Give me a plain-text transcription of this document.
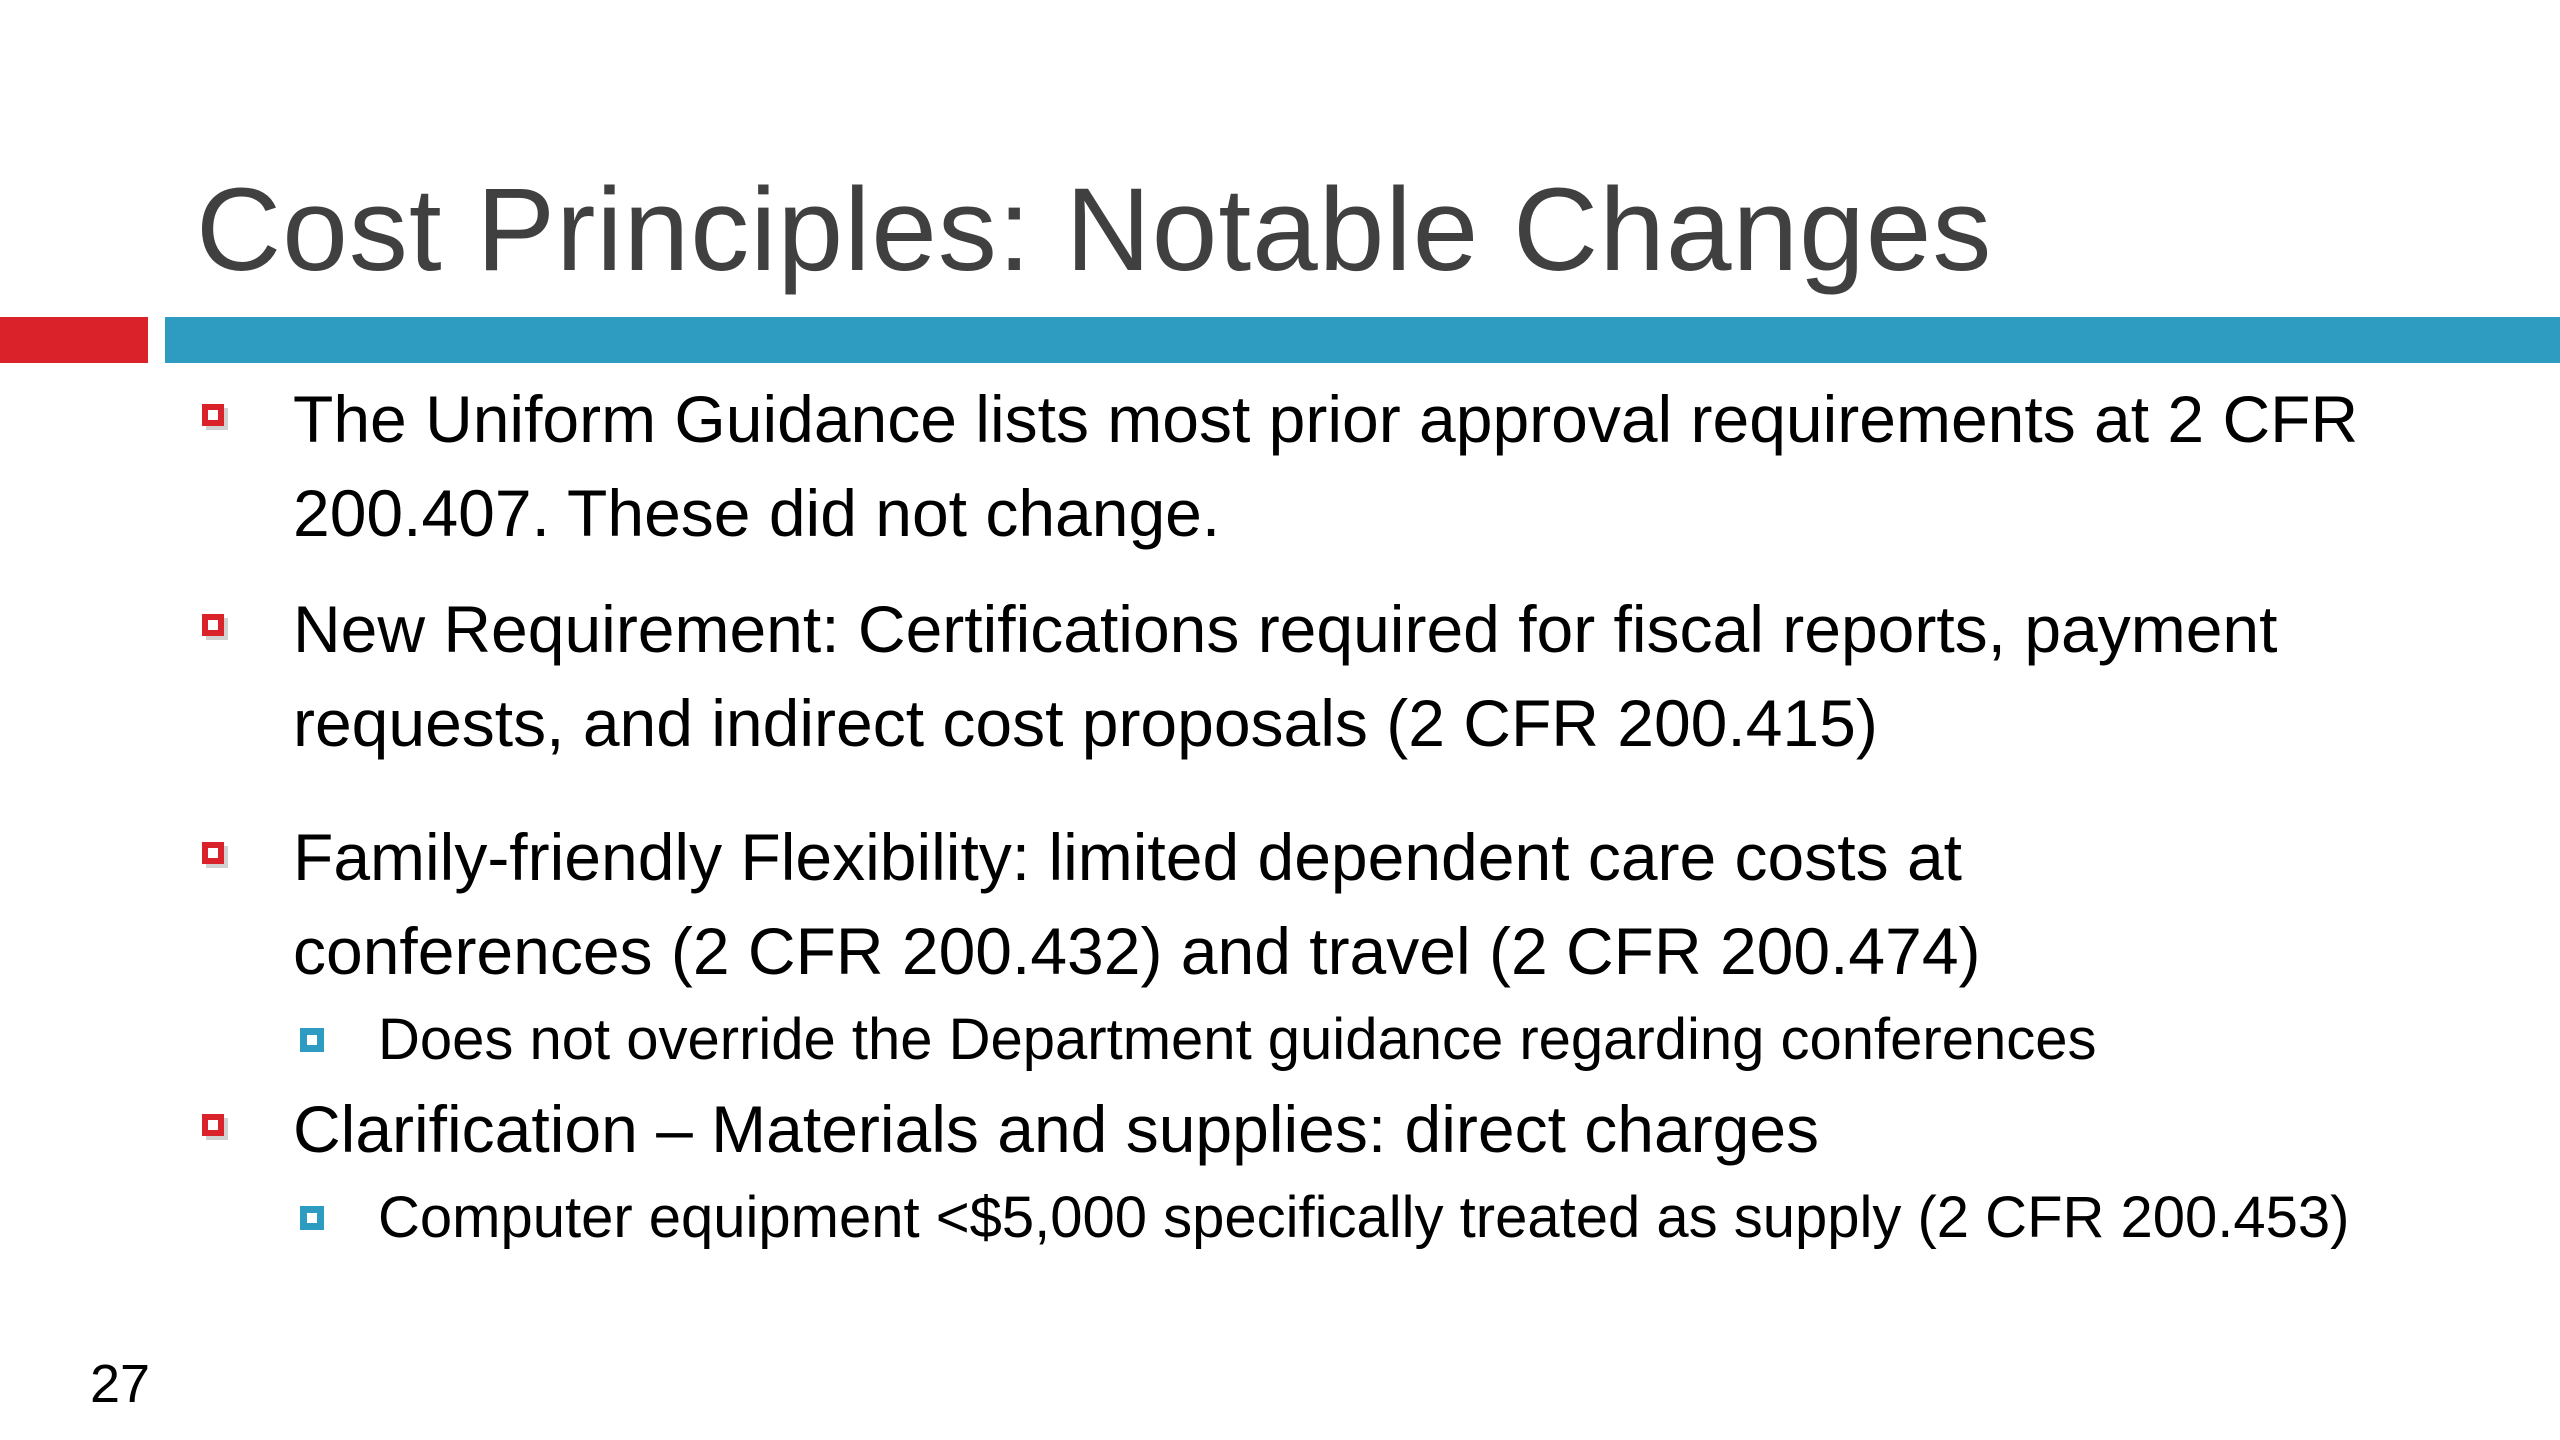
Cost Principles: Notable Changes
The Uniform Guidance lists most prior approval requirements at 2 CFR 200.407. These did not change.
New Requirement: Certifications required for fiscal reports, payment requests, and indirect cost proposals (2 CFR 200.415)
Family-friendly Flexibility: limited dependent care costs at conferences (2 CFR 200.432) and travel (2 CFR 200.474)
Does not override the Department guidance regarding conferences
Clarification – Materials and supplies: direct charges
Computer equipment <$5,000 specifically treated as supply (2 CFR 200.453)
27
